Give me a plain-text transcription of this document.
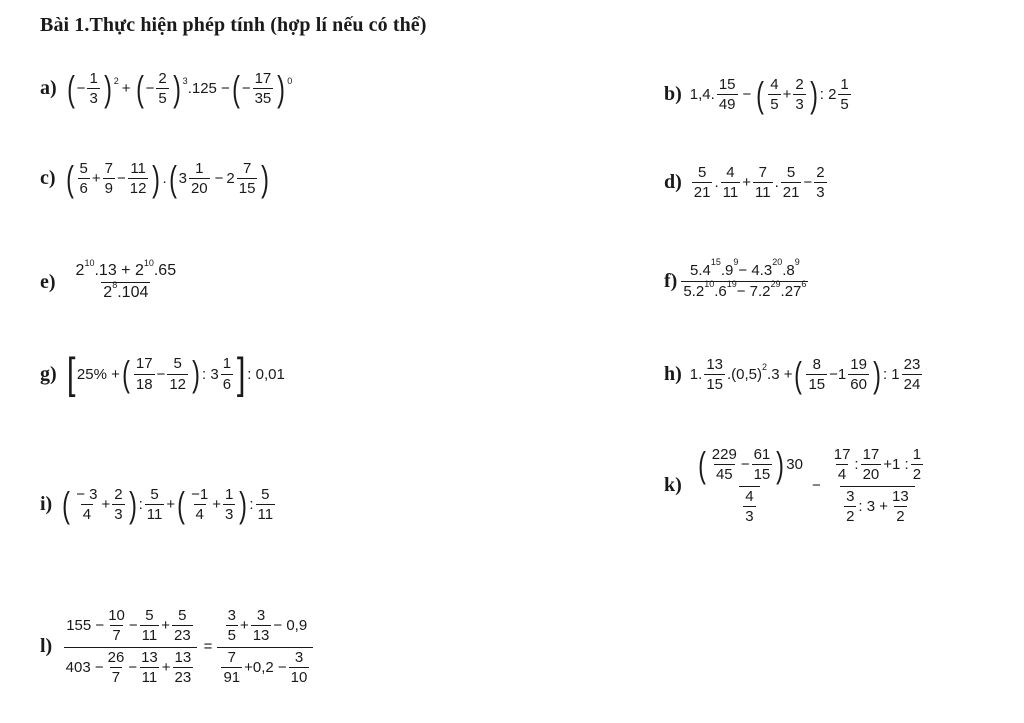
Bài 1.Thực hiện phép tính (hợp lí nếu có thể)
a) ( − $\frac{1}{3} )^2$ + ( − $\frac{2}{5} )^3$ .125 − ( − $\frac{17}{35} )^0$
b) 1,4. $\frac{15}{49}$ − ( $\frac{4}{5} + \frac{2}{3}$ ) : $2 \frac{1}{5}$
c) ( $\frac{5}{6} + \frac{7}{9} - \frac{11}{12}$ ) . ( $3 \frac{1}{20} - 2 \frac{7}{15}$ )	$d) \frac{5}{21}$ . $\frac{4}{11} + \frac{7}{11}$ . $\frac{5}{21} - \frac{2}{3}$
$e) \frac{2^{10} .13 + 2^{10} .65}{2^8 .104}$	$f) \frac{5.4^{15} .9^9 - 4.3^{20} .8^9}{5.2^{10} .6^{19} - 7.2^{29} .27^6}$
g) [ 25% + ( $\frac{17}{18} - \frac{5}{12}$ ) : $3 \frac{1}{6}$ ] : 0,01	h) 1 . $\frac{13}{15} .(0,5)^2$ .3 + ( $\frac{8}{15} - 1 \frac{19}{60}$ ) : $1 \frac{23}{24}$
i) ( $\frac{- 3}{4} + \frac{2}{3}$ ) : $\frac{5}{11}$ + ( $\frac{-1}{4} + \frac{1}{3}$ ) : $\frac{5}{11}$
$k) \frac{( \frac{229}{45} - \frac{61}{15} ) 30}{\frac{4}{3}} - \frac{\frac{17}{4} : \frac{17}{20} +1 : \frac{1}{2}}{\frac{3}{2} : 3 + \frac{13}{2}}$
$l) \frac{155 - \frac{10}{7} - \frac{5}{11} + \frac{5}{23}}{403 - \frac{26}{7} - \frac{13}{11} + \frac{13}{23}} = \frac{\frac{3}{5} + \frac{3}{13} - 0,9}{\frac{7}{91} +0,2 - \frac{3}{10}}$
